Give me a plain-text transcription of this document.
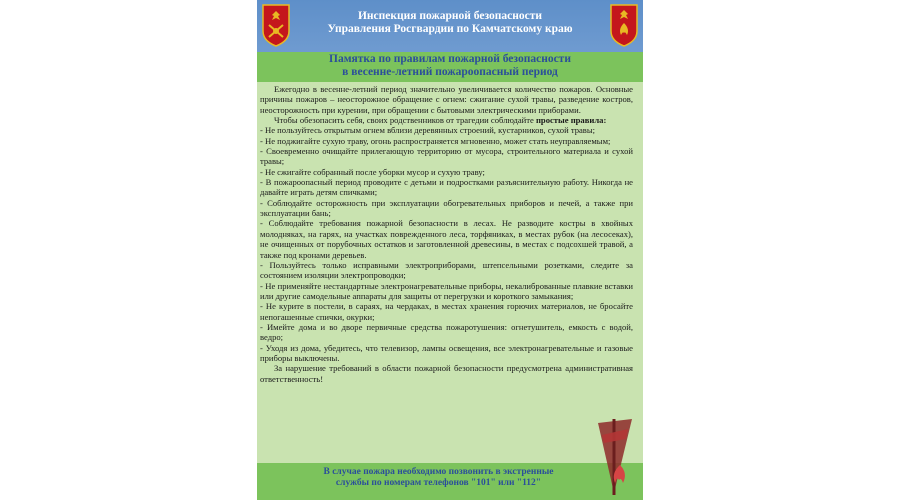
Инспекция пожарной безопасности
Управления Росгвардии по Камчатскому краю
Памятка по правилам пожарной безопасности
в весенне-летний пожароопасный период

Ежегодно в весенне-летний период значительно увеличивается количество пожаров. Основные причины пожаров – неосторожное обращение с огнем: сжигание сухой травы, разведение костров, неосторожность при курении, при обращении с бытовыми электрическими приборами.

Чтобы обезопасить себя, своих родственников от трагедии соблюдайте простые правила:

- Не пользуйтесь открытым огнем вблизи деревянных строений, кустарников, сухой травы;

- Не поджигайте сухую траву, огонь распространяется мгновенно, может стать неуправляемым;

- Своевременно очищайте прилегающую территорию от мусора, строительного материала и сухой травы;

- Не сжигайте собранный после уборки мусор и сухую траву;

- В пожароопасный период проводите с детьми и подростками разъяснительную работу. Никогда не давайте играть детям спичками;

- Соблюдайте осторожность при эксплуатации обогревательных приборов и печей, а также при эксплуатации бань;

- Соблюдайте требования пожарной безопасности в лесах. Не разводите костры в хвойных молодняках, на гарях, на участках поврежденного леса, торфяниках, в местах рубок (на лесосеках), не очищенных от порубочных остатков и заготовленной древесины, в местах с подсохшей травой, а также под кронами деревьев.

- Пользуйтесь только исправными электроприборами, штепсельными розетками, следите за состоянием изоляции электропроводки;

- Не применяйте нестандартные электронагревательные приборы, некалиброванные плавкие вставки или другие самодельные аппараты для защиты от перегрузки и короткого замыкания;

- Не курите в постели, в сараях, на чердаках, в местах хранения горючих материалов, не бросайте непогашенные спички, окурки;

- Имейте дома и во дворе первичные средства пожаротушения: огнетушитель, емкость с водой, ведро;

- Уходя из дома, убедитесь, что телевизор, лампы освещения, все электронагревательные и газовые приборы выключены.

За нарушение требований в области пожарной безопасности предусмотрена административная ответственность!

В случае пожара необходимо позвонить в экстренные
службы по номерам телефонов "101" или "112"
